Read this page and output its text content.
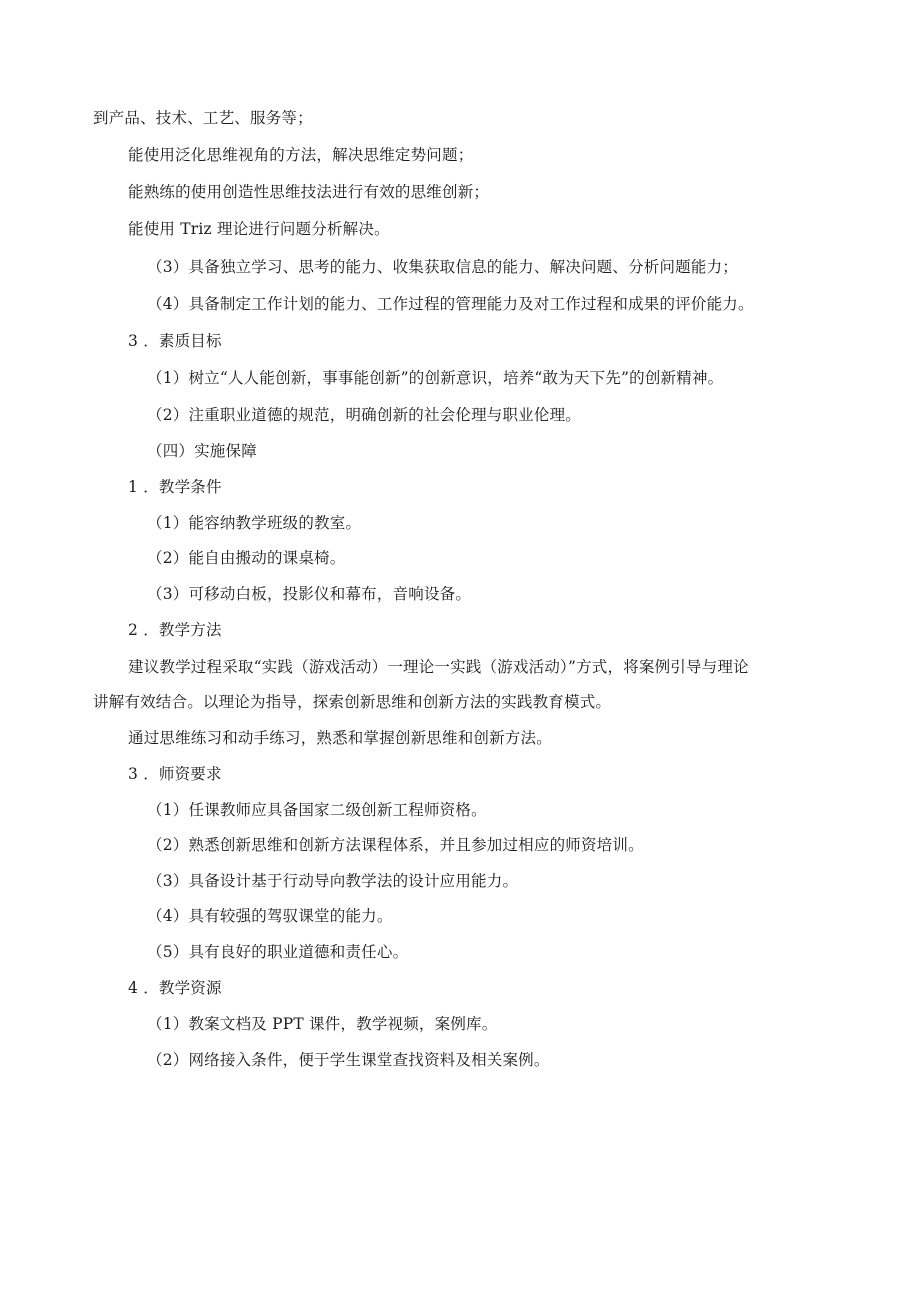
到产品、技术、工艺、服务等；
能使用泛化思维视角的方法，解决思维定势问题；
能熟练的使用创造性思维技法进行有效的思维创新；
能使用 Triz 理论进行问题分析解决。
（3）具备独立学习、思考的能力、收集获取信息的能力、解决问题、分析问题能力；
（4）具备制定工作计划的能力、工作过程的管理能力及对工作过程和成果的评价能力。
3 ．素质目标
（1）树立“人人能创新，事事能创新”的创新意识，培养“敢为天下先”的创新精神。
（2）注重职业道德的规范，明确创新的社会伦理与职业伦理。
（四）实施保障
1 ．教学条件
（1）能容纳教学班级的教室。
（2）能自由搬动的课桌椅。
（3）可移动白板，投影仪和幕布，音响设备。
2 ．教学方法
建议教学过程采取“实践（游戏活动）一理论一实践（游戏活动）”方式，将案例引导与理论
讲解有效结合。以理论为指导，探索创新思维和创新方法的实践教育模式。
通过思维练习和动手练习，熟悉和掌握创新思维和创新方法。
3 ．师资要求
（1）任课教师应具备国家二级创新工程师资格。
（2）熟悉创新思维和创新方法课程体系，并且参加过相应的师资培训。
（3）具备设计基于行动导向教学法的设计应用能力。
（4）具有较强的驾驭课堂的能力。
（5）具有良好的职业道德和责任心。
4 ．教学资源
（1）教案文档及 PPT 课件，教学视频，案例库。
（2）网络接入条件，便于学生课堂查找资料及相关案例。
